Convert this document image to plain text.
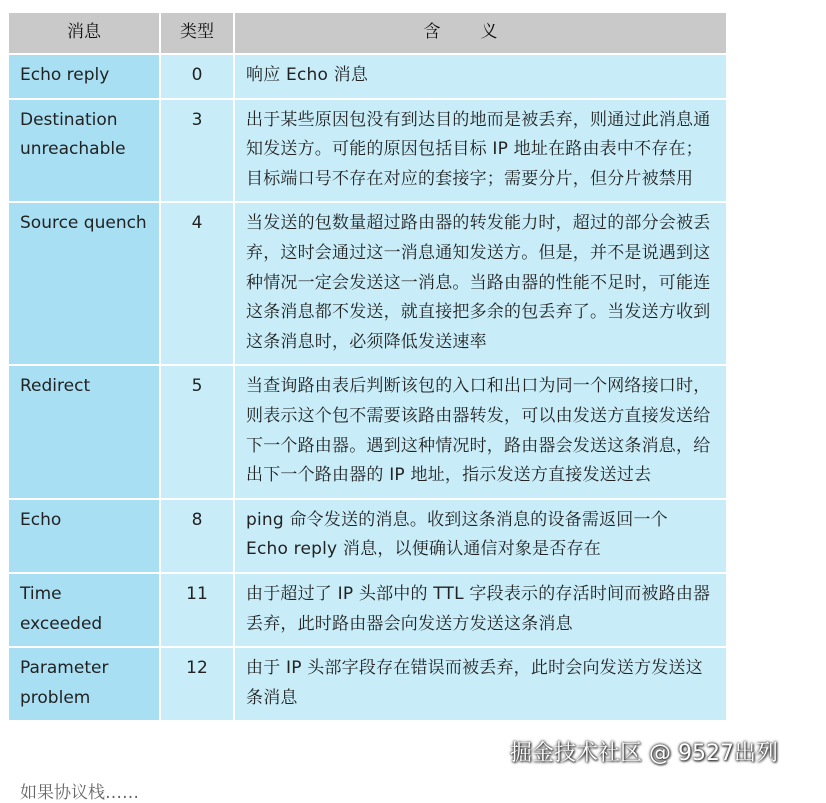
消息	类型	含义
Echo reply	0	响应 Echo 消息
Destination unreachable	3	出于某些原因包没有到达目的地而是被丢弃，则通过此消息通知发送方。可能的原因包括目标 IP 地址在路由表中不存在；目标端口号不存在对应的套接字；需要分片，但分片被禁用
Source quench	4	当发送的包数量超过路由器的转发能力时，超过的部分会被丢弃，这时会通过这一消息通知发送方。但是，并不是说遇到这种情况一定会发送这一消息。当路由器的性能不足时，可能连这条消息都不发送，就直接把多余的包丢弃了。当发送方收到这条消息时，必须降低发送速率
Redirect	5	当查询路由表后判断该包的入口和出口为同一个网络接口时，则表示这个包不需要该路由器转发，可以由发送方直接发送给下一个路由器。遇到这种情况时，路由器会发送这条消息，给出下一个路由器的 IP 地址，指示发送方直接发送过去
Echo	8	ping 命令发送的消息。收到这条消息的设备需返回一个 Echo reply 消息，以便确认通信对象是否存在
Time exceeded	11	由于超过了 IP 头部中的 TTL 字段表示的存活时间而被路由器丢弃，此时路由器会向发送方发送这条消息
Parameter problem	12	由于 IP 头部字段存在错误而被丢弃，此时会向发送方发送这条消息
掘金技术社区 @ 9527出列
如果协议栈……
